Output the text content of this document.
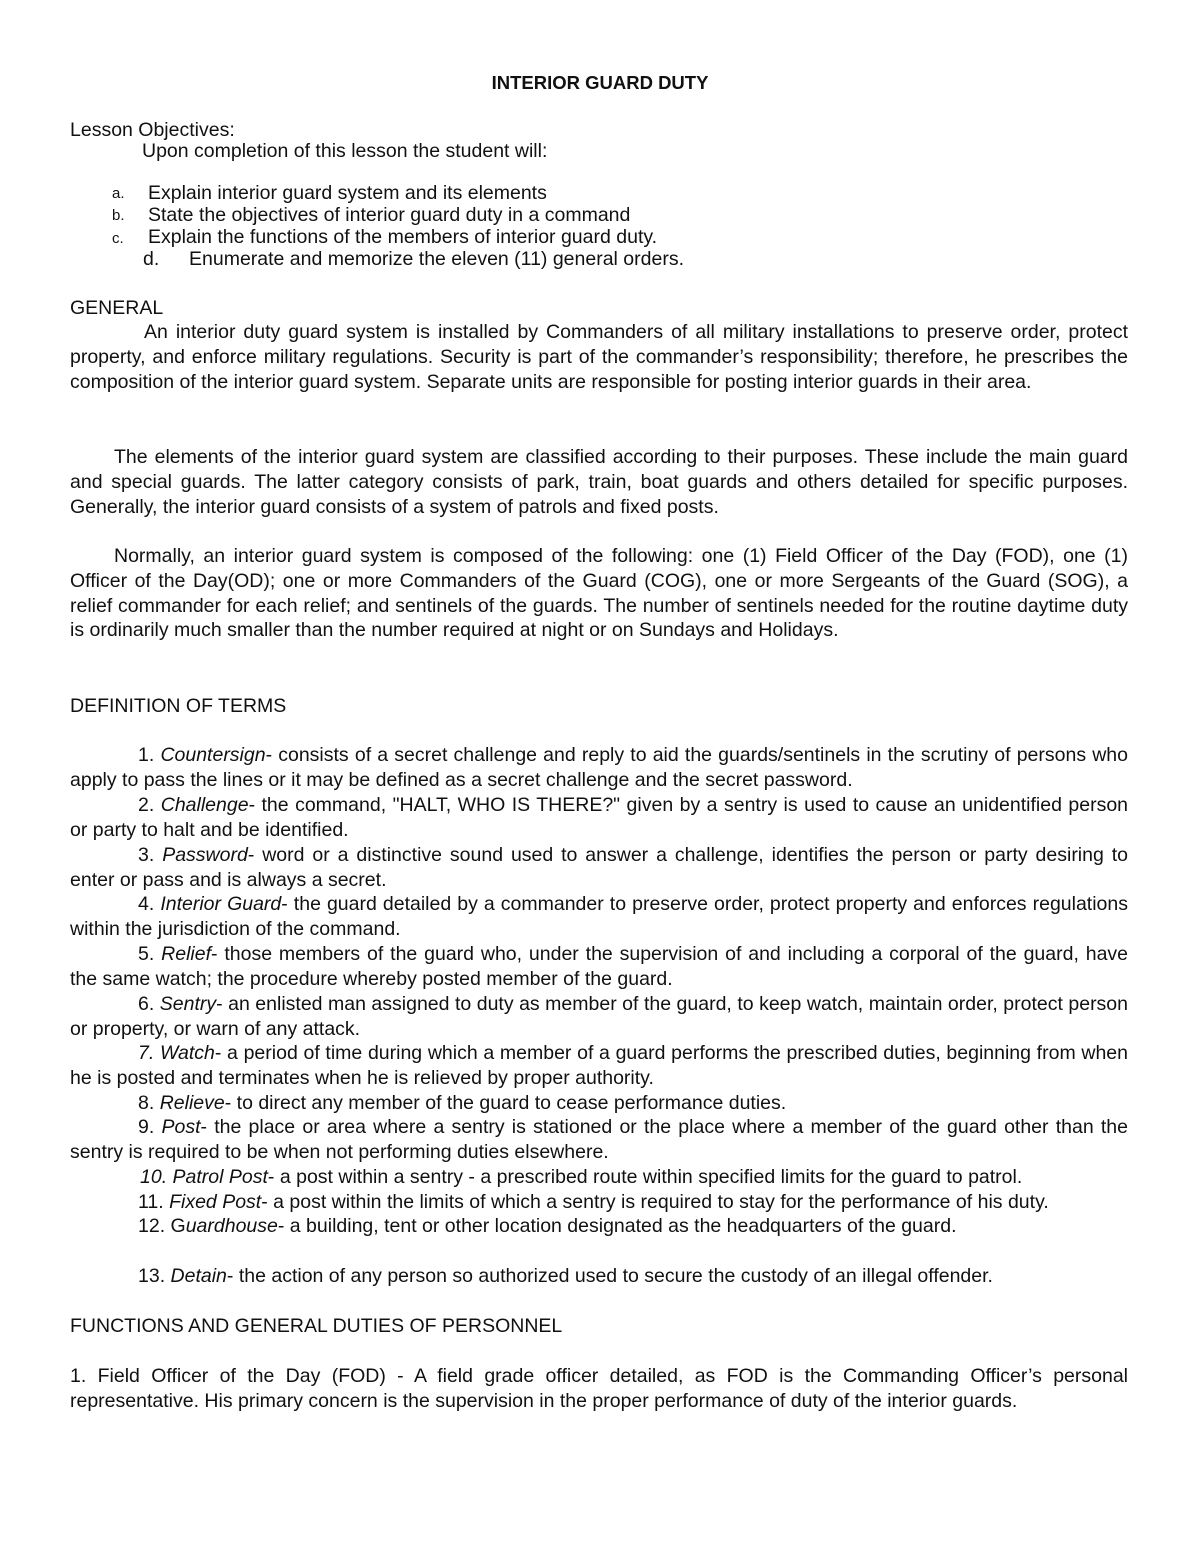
INTERIOR GUARD DUTY
Lesson Objectives:
Upon completion of this lesson the student will:
a. Explain interior guard system and its elements
b. State the objectives of interior guard duty in a command
c. Explain the functions of the members of interior guard duty.
d. Enumerate and memorize the eleven (11) general orders.
GENERAL
An interior duty guard system is installed by Commanders of all military installations to preserve order, protect property, and enforce military regulations. Security is part of the commander’s responsibility; therefore, he prescribes the composition of the interior guard system. Separate units are responsible for posting interior guards in their area.
The elements of the interior guard system are classified according to their purposes. These include the main guard and special guards. The latter category consists of park, train, boat guards and others detailed for specific purposes. Generally, the interior guard consists of a system of patrols and fixed posts.
Normally, an interior guard system is composed of the following: one (1) Field Officer of the Day (FOD), one (1) Officer of the Day(OD); one or more Commanders of the Guard (COG), one or more Sergeants of the Guard (SOG), a relief commander for each relief; and sentinels of the guards. The number of sentinels needed for the routine daytime duty is ordinarily much smaller than the number required at night or on Sundays and Holidays.
DEFINITION OF TERMS
1. Countersign- consists of a secret challenge and reply to aid the guards/sentinels in the scrutiny of persons who apply to pass the lines or it may be defined as a secret challenge and the secret password.
2. Challenge- the command, "HALT, WHO IS THERE?" given by a sentry is used to cause an unidentified person or party to halt and be identified.
3. Password- word or a distinctive sound used to answer a challenge, identifies the person or party desiring to enter or pass and is always a secret.
4. Interior Guard- the guard detailed by a commander to preserve order, protect property and enforces regulations within the jurisdiction of the command.
5. Relief- those members of the guard who, under the supervision of and including a corporal of the guard, have the same watch; the procedure whereby posted member of the guard.
6. Sentry- an enlisted man assigned to duty as member of the guard, to keep watch, maintain order, protect person or property, or warn of any attack.
7. Watch- a period of time during which a member of a guard performs the prescribed duties, beginning from when he is posted and terminates when he is relieved by proper authority.
8. Relieve- to direct any member of the guard to cease performance duties.
9. Post- the place or area where a sentry is stationed or the place where a member of the guard other than the sentry is required to be when not performing duties elsewhere.
10. Patrol Post- a post within a sentry - a prescribed route within specified limits for the guard to patrol.
11. Fixed Post- a post within the limits of which a sentry is required to stay for the performance of his duty.
12. Guardhouse- a building, tent or other location designated as the headquarters of the guard.
13. Detain- the action of any person so authorized used to secure the custody of an illegal offender.
FUNCTIONS AND GENERAL DUTIES OF PERSONNEL
1. Field Officer of the Day (FOD) - A field grade officer detailed, as FOD is the Commanding Officer’s personal representative. His primary concern is the supervision in the proper performance of duty of the interior guards.
